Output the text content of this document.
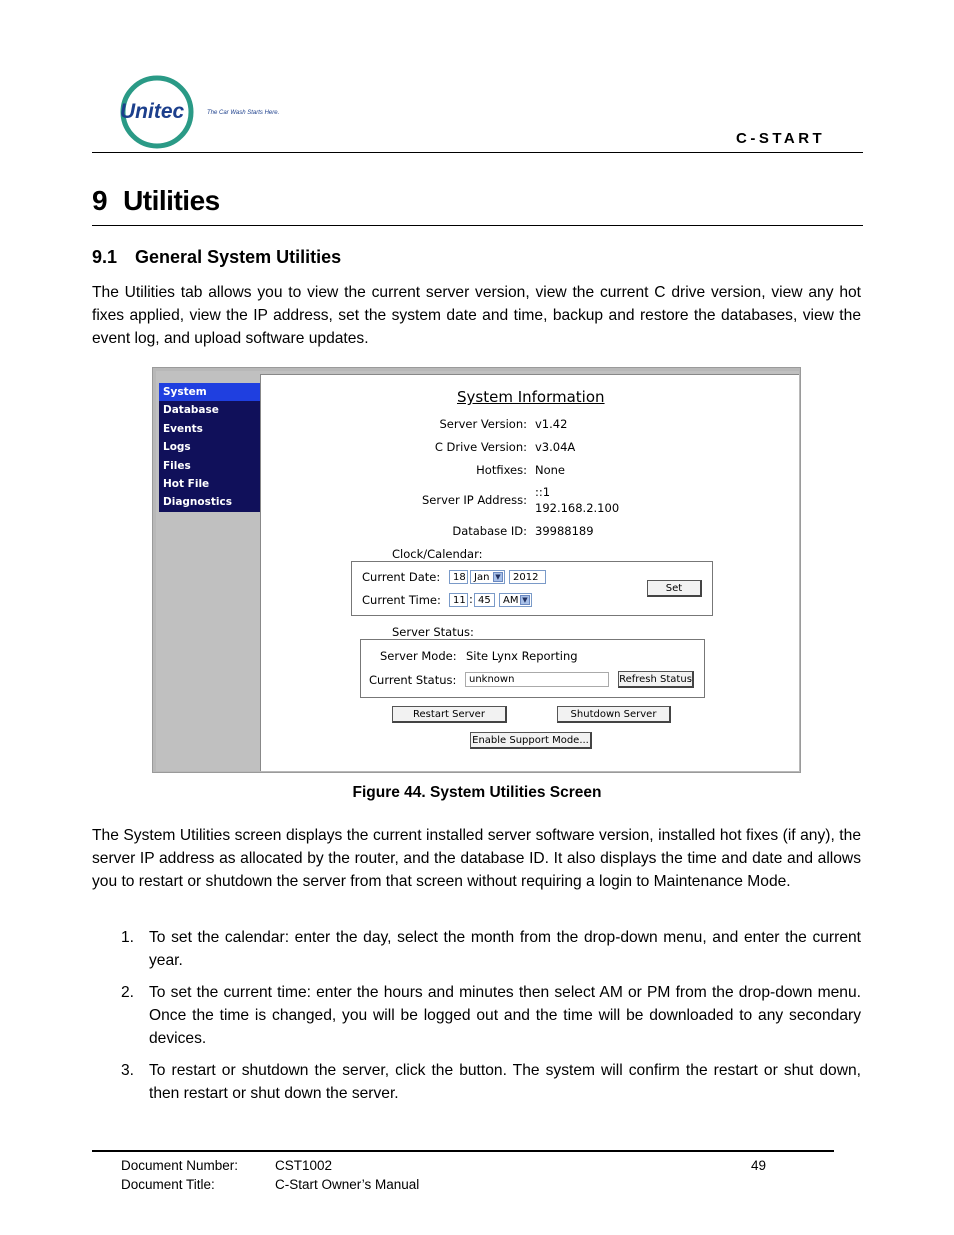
Unitec	The Car Wash Starts Here.
C-START
9 Utilities
9.1 General System Utilities
The Utilities tab allows you to view the current server version, view the current C drive version, view any hot fixes applied, view the IP address, set the system date and time, backup and restore the databases, view the event log, and upload software updates.
System
Database
Events
Logs
Files
Hot File
Diagnostics
System Information
Server Version: v1.42
C Drive Version: v3.04A
Hotfixes: None
Server IP Address:
::1
192.168.2.100
Database ID: 39988189
Clock/Calendar:
Current Date:	18 Jan ▼	2012
Current Time:	11 : 45	AM ▼
Set
Server Status:
Server Mode: Site Lynx Reporting
Current Status:	unknown	Refresh Status
Restart Server	Shutdown Server
Enable Support Mode...
Figure 44. System Utilities Screen
The System Utilities screen displays the current installed server software version, installed hot fixes (if any), the server IP address as allocated by the router, and the database ID. It also displays the time and date and allows you to restart or shutdown the server from that screen without requiring a login to Maintenance Mode.
1. To set the calendar: enter the day, select the month from the drop-down menu, and enter the current year.
2. To set the current time: enter the hours and minutes then select AM or PM from the drop-down menu. Once the time is changed, you will be logged out and the time will be downloaded to any secondary devices.
3. To restart or shutdown the server, click the button. The system will confirm the restart or shut down, then restart or shut down the server.
Document Number:	CST1002	49
Document Title:	C-Start Owner’s Manual
